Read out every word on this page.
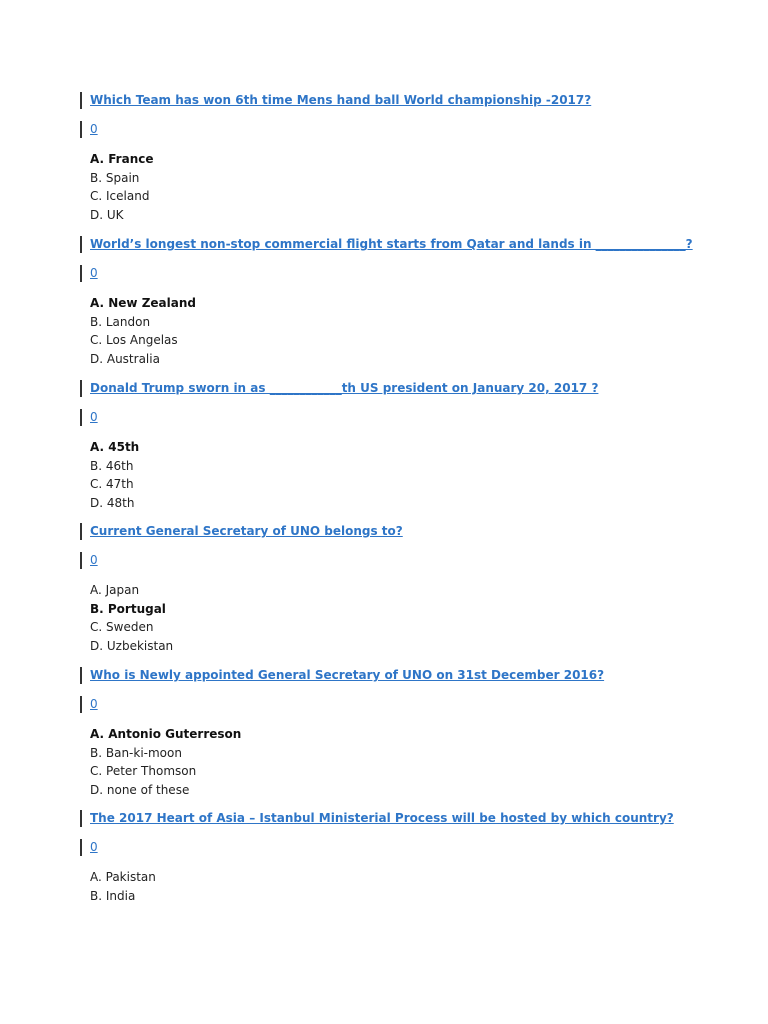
Which Team has won 6th time Mens hand ball World championship -2017?
0
A. France
B. Spain
C. Iceland
D. UK
World’s longest non-stop commercial flight starts from Qatar and lands in _______________?
0
A. New Zealand
B. Landon
C. Los Angelas
D. Australia
Donald Trump sworn in as ____________th US president on January 20, 2017 ?
0
A. 45th
B. 46th
C. 47th
D. 48th
Current General Secretary of UNO belongs to?
0
A. Japan
B. Portugal
C. Sweden
D. Uzbekistan
Who is Newly appointed General Secretary of UNO on 31st December 2016?
0
A. Antonio Guterreson
B. Ban-ki-moon
C. Peter Thomson
D. none of these
The 2017 Heart of Asia – Istanbul Ministerial Process will be hosted by which country?
0
A. Pakistan
B. India
